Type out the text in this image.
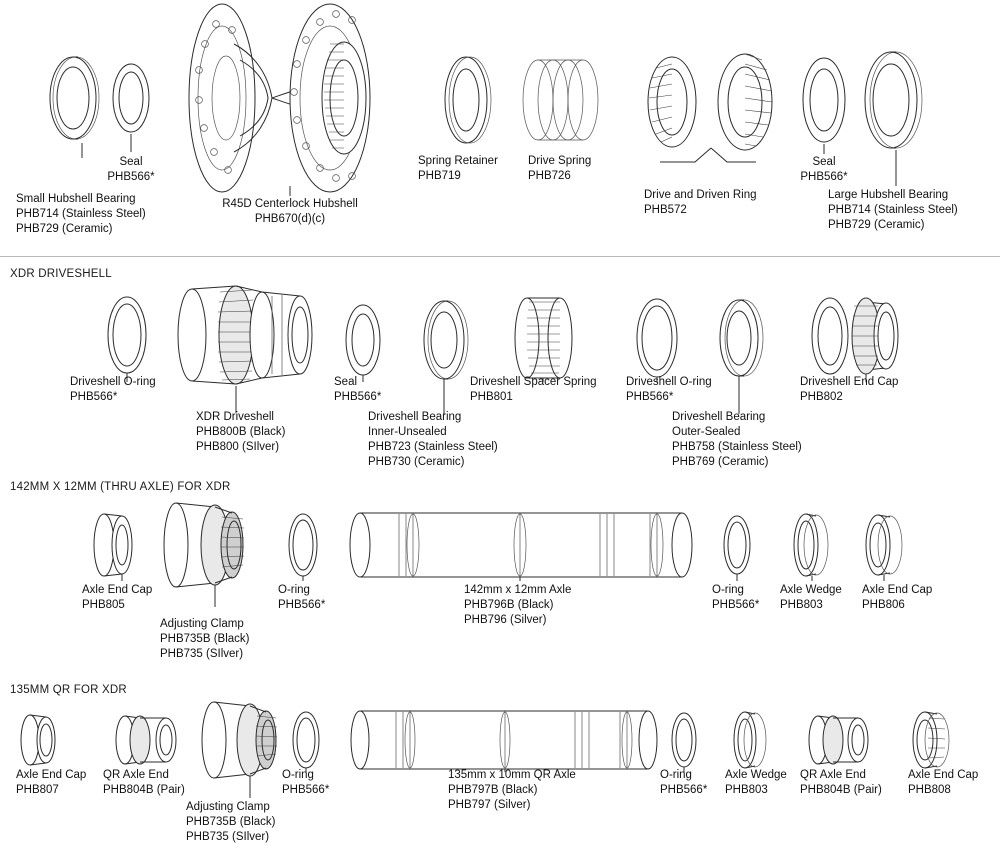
Seal
PHB566*
Small Hubshell Bearing
PHB714 (Stainless Steel)
PHB729 (Ceramic)
R45D Centerlock Hubshell
PHB670(d)(c)
Spring Retainer
PHB719
Drive Spring
PHB726
Drive and Driven Ring
PHB572
Seal
PHB566*
Large Hubshell Bearing
PHB714 (Stainless Steel)
PHB729 (Ceramic)
XDR DRIVESHELL
Driveshell O-ring
PHB566*
XDR Driveshell
PHB800B (Black)
PHB800 (SIlver)
Seal
PHB566*
Driveshell Bearing
Inner-Unsealed
PHB723 (Stainless Steel)
PHB730 (Ceramic)
Driveshell Spacer Spring
PHB801
Driveshell O-ring
PHB566*
Driveshell Bearing
Outer-Sealed
PHB758 (Stainless Steel)
PHB769 (Ceramic)
Driveshell End Cap
PHB802
142MM X 12MM (THRU AXLE) FOR XDR
Axle End Cap
PHB805
Adjusting Clamp
PHB735B (Black)
PHB735 (SIlver)
O-ring
PHB566*
142mm x 12mm Axle
PHB796B (Black)
PHB796 (Silver)
O-ring
PHB566*
Axle Wedge
PHB803
Axle End Cap
PHB806
135MM QR FOR XDR
Axle End Cap
PHB807
QR Axle End
PHB804B (Pair)
Adjusting Clamp
PHB735B (Black)
PHB735 (SIlver)
O-ring
PHB566*
135mm x 10mm QR Axle
PHB797B (Black)
PHB797 (Silver)
O-ring
PHB566*
Axle Wedge
PHB803
QR Axle End
PHB804B (Pair)
Axle End Cap
PHB808
